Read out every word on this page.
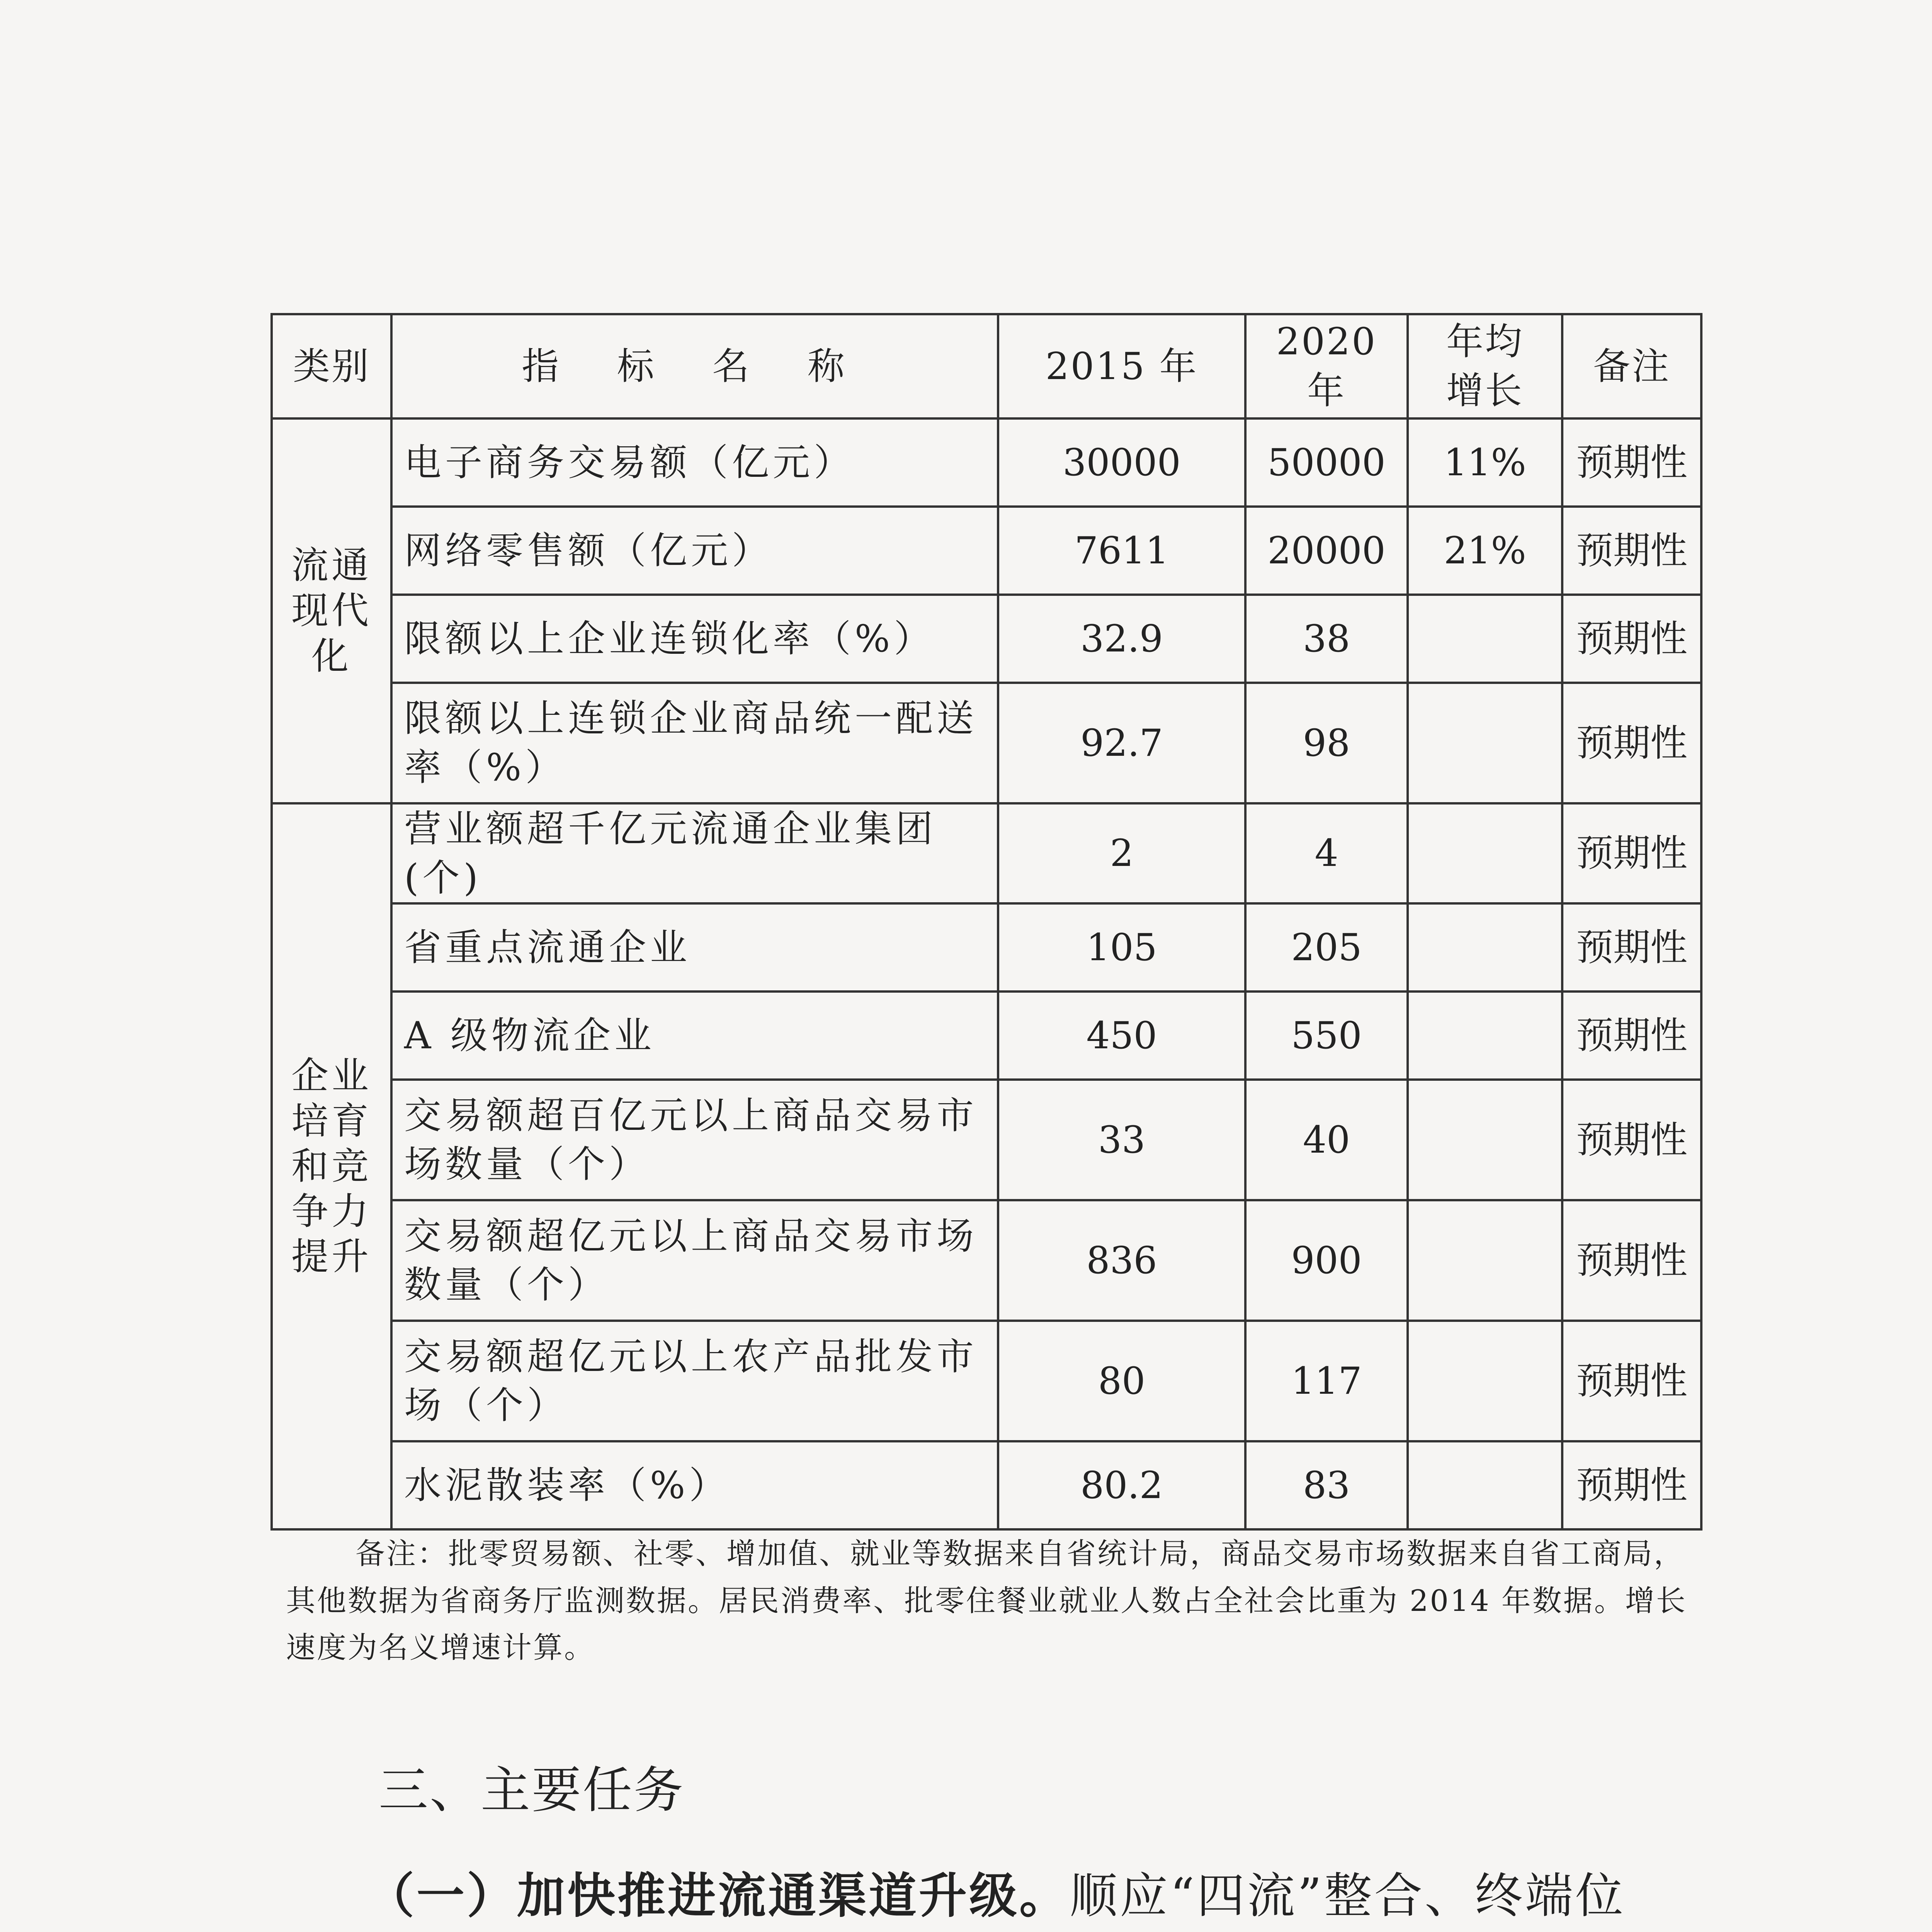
类别	指 标 名 称	2015 年	2020 年	年均增长	备注
流通现代化	电子商务交易额（亿元）	30000	50000	11%	预期性
	网络零售额（亿元）	7611	20000	21%	预期性
	限额以上企业连锁化率（%）	32.9	38		预期性
	限额以上连锁企业商品统一配送率（%）	92.7	98		预期性
企业培育和竞争力提升	营业额超千亿元流通企业集团(个)	2	4		预期性
	省重点流通企业	105	205		预期性
	A 级物流企业	450	550		预期性
	交易额超百亿元以上商品交易市场数量（个）	33	40		预期性
	交易额超亿元以上商品交易市场数量（个）	836	900		预期性
	交易额超亿元以上农产品批发市场（个）	80	117		预期性
	水泥散装率（%）	80.2	83		预期性

备注：批零贸易额、社零、增加值、就业等数据来自省统计局，商品交易市场数据来自省工商局，其他数据为省商务厅监测数据。居民消费率、批零住餐业就业人数占全社会比重为 2014 年数据。增长速度为名义增速计算。

三、主要任务

（一）加快推进流通渠道升级。顺应“四流”整合、终端位
